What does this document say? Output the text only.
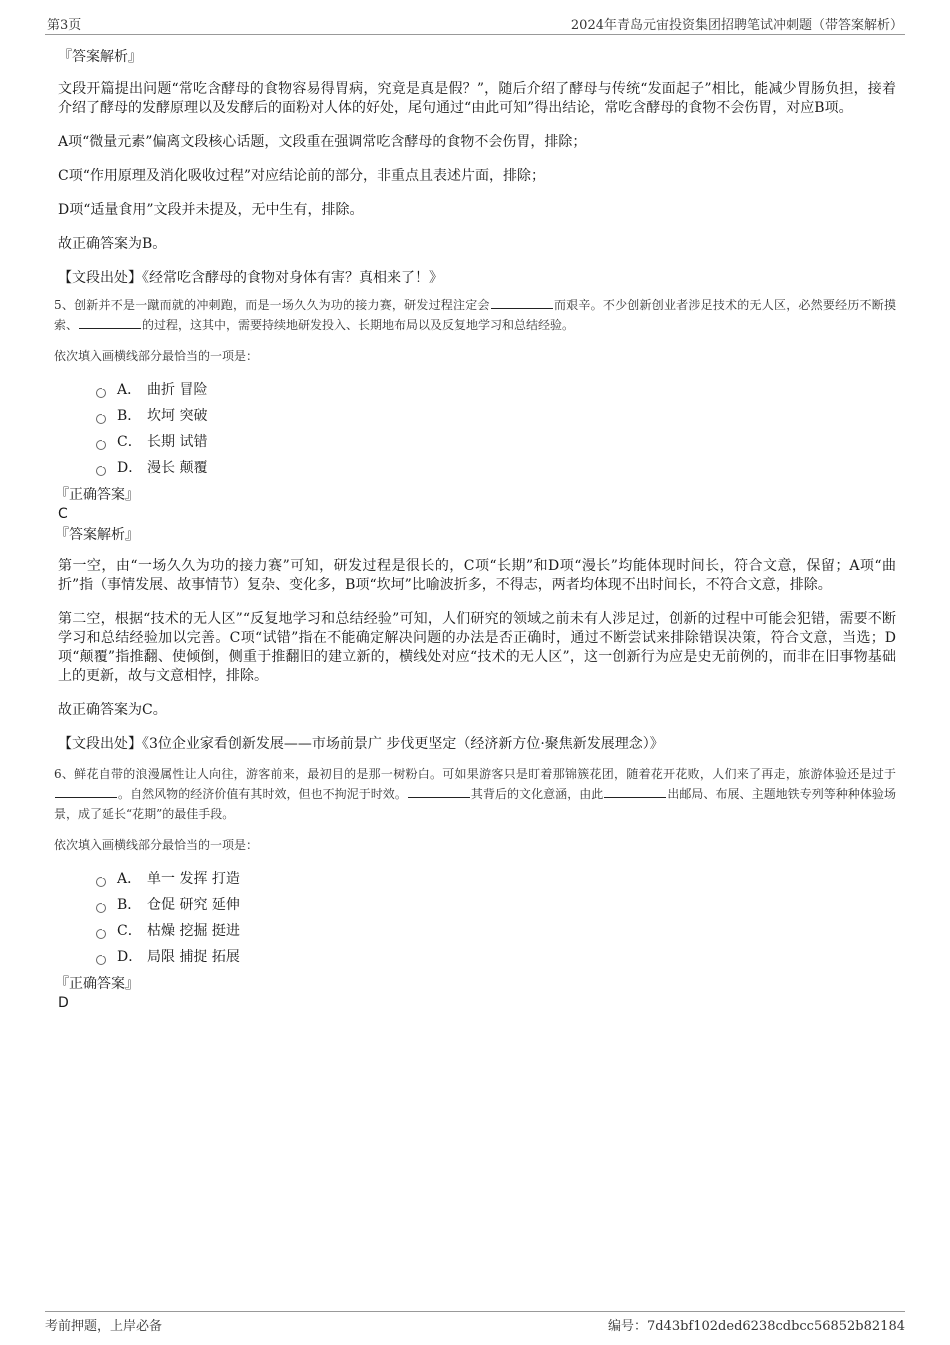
第3页	2024年青岛元宙投资集团招聘笔试冲刺题（带答案解析）

『答案解析』

文段开篇提出问题“常吃含酵母的食物容易得胃病，究竟是真是假？”，随后介绍了酵母与传统“发面起子”相比，能减少胃肠负担，接着介绍了酵母的发酵原理以及发酵后的面粉对人体的好处，尾句通过“由此可知”得出结论，常吃含酵母的食物不会伤胃，对应B项。

A项“微量元素”偏离文段核心话题，文段重在强调常吃含酵母的食物不会伤胃，排除；

C项“作用原理及消化吸收过程”对应结论前的部分，非重点且表述片面，排除；

D项“适量食用”文段并未提及，无中生有，排除。

故正确答案为B。

【文段出处】《经常吃含酵母的食物对身体有害？真相来了！》

5、创新并不是一蹴而就的冲刺跑，而是一场久久为功的接力赛，研发过程注定会	而艰辛。不少创新创业者涉足技术的无人区，必然要经历不断摸索、	的过程，这其中，需要持续地研发投入、长期地布局以及反复地学习和总结经验。

依次填入画横线部分最恰当的一项是：

A． 曲折 冒险
B． 坎坷 突破
C． 长期 试错
D． 漫长 颠覆

『正确答案』

C

『答案解析』

第一空，由“一场久久为功的接力赛”可知，研发过程是很长的，C项“长期”和D项“漫长”均能体现时间长，符合文意，保留；A项“曲折”指（事情发展、故事情节）复杂、变化多，B项“坎坷”比喻波折多，不得志，两者均体现不出时间长，不符合文意，排除。

第二空，根据“技术的无人区”“反复地学习和总结经验”可知，人们研究的领域之前未有人涉足过，创新的过程中可能会犯错，需要不断学习和总结经验加以完善。C项“试错”指在不能确定解决问题的办法是否正确时，通过不断尝试来排除错误决策，符合文意，当选；D项“颠覆”指推翻、使倾倒，侧重于推翻旧的建立新的，横线处对应“技术的无人区”，这一创新行为应是史无前例的，而非在旧事物基础上的更新，故与文意相悖，排除。

故正确答案为C。

【文段出处】《3位企业家看创新发展——市场前景广 步伐更坚定（经济新方位·聚焦新发展理念）》

6、鲜花自带的浪漫属性让人向往，游客前来，最初目的是那一树粉白。可如果游客只是盯着那锦簇花团，随着花开花败，人们来了再走，旅游体验还是过于。自然风物的经济价值有其时效，但也不拘泥于时效。	其背后的文化意涵，由此	出邮局、布展、主题地铁专列等种种体验场景，成了延长“花期”的最佳手段。

依次填入画横线部分最恰当的一项是：

A． 单一 发挥 打造
B． 仓促 研究 延伸
C． 枯燥 挖掘 挺进
D． 局限 捕捉 拓展

『正确答案』

D

考前押题，上岸必备	编号：7d43bf102ded6238cdbcc56852b82184
